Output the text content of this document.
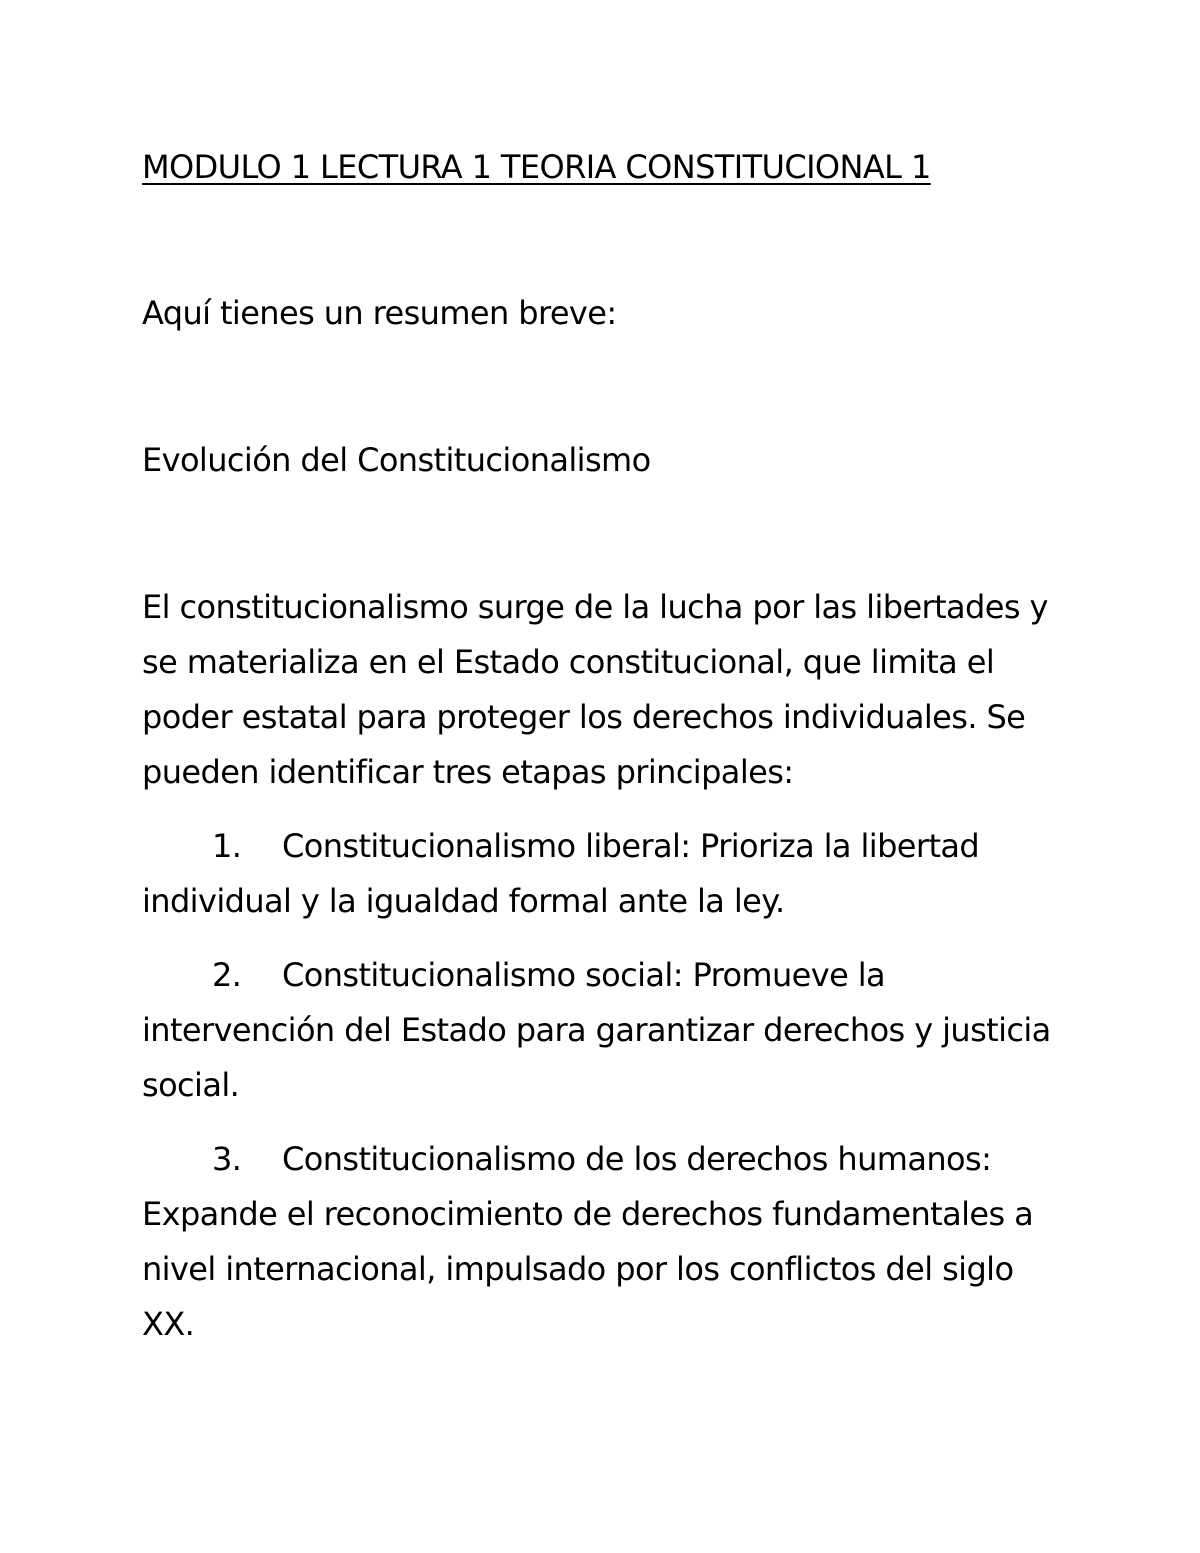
MODULO 1 LECTURA 1 TEORIA CONSTITUCIONAL 1

Aquí tienes un resumen breve:

Evolución del Constitucionalismo

El constitucionalismo surge de la lucha por las libertades y se materializa en el Estado constitucional, que limita el poder estatal para proteger los derechos individuales. Se pueden identificar tres etapas principales:

1. Constitucionalismo liberal: Prioriza la libertad individual y la igualdad formal ante la ley.

2. Constitucionalismo social: Promueve la intervención del Estado para garantizar derechos y justicia social.

3. Constitucionalismo de los derechos humanos: Expande el reconocimiento de derechos fundamentales a nivel internacional, impulsado por los conflictos del siglo XX.
